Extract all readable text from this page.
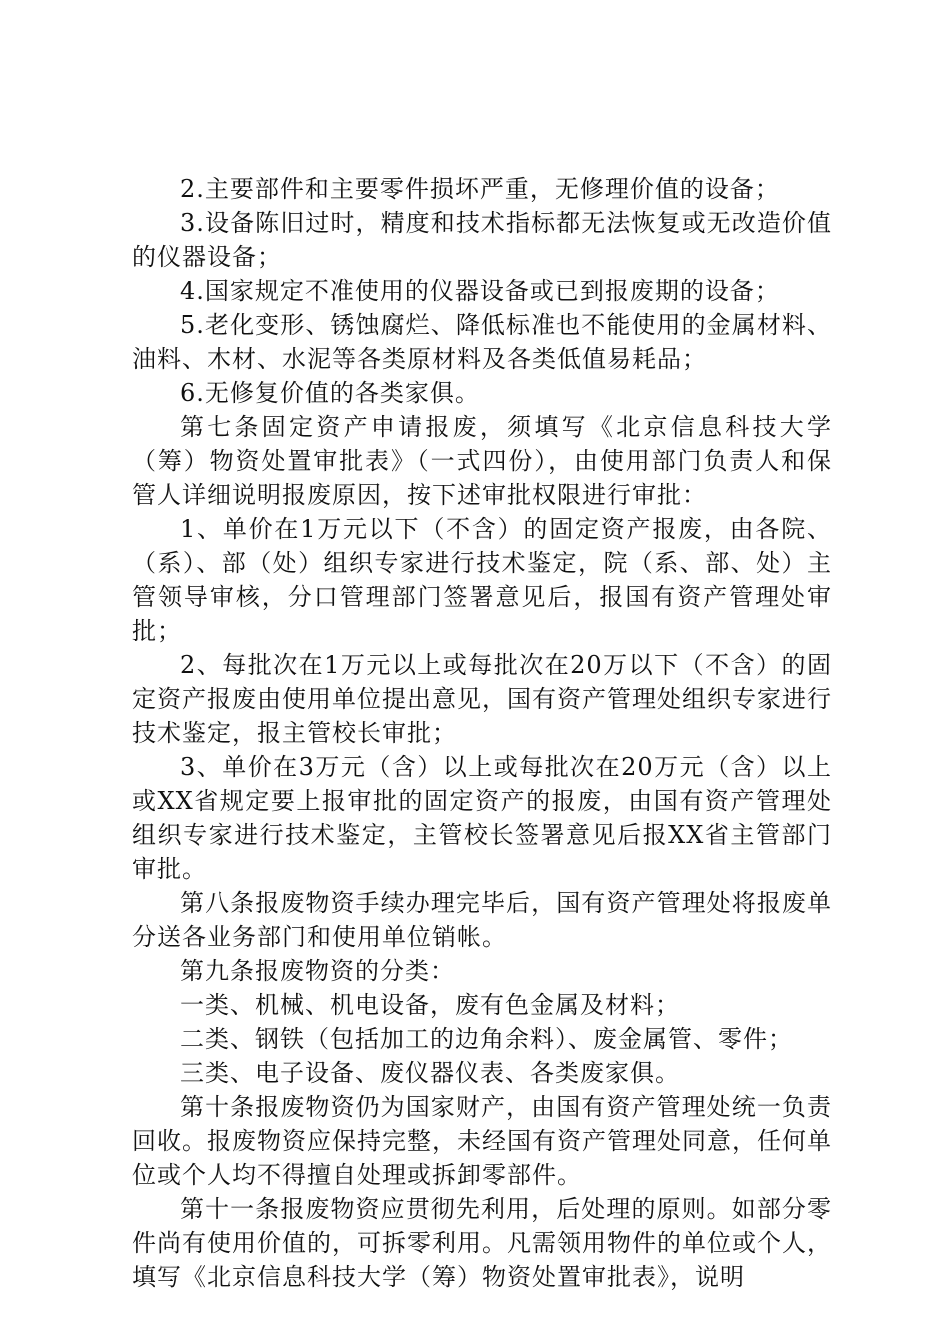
2.主要部件和主要零件损坏严重，无修理价值的设备；

3.设备陈旧过时，精度和技术指标都无法恢复或无改造价值的仪器设备；

4.国家规定不准使用的仪器设备或已到报废期的设备；

5.老化变形、锈蚀腐烂、降低标准也不能使用的金属材料、油料、木材、水泥等各类原材料及各类低值易耗品；

6.无修复价值的各类家俱。

第七条固定资产申请报废，须填写《北京信息科技大学（筹）物资处置审批表》（一式四份），由使用部门负责人和保管人详细说明报废原因，按下述审批权限进行审批：

1、单价在1万元以下（不含）的固定资产报废，由各院、（系）、部（处）组织专家进行技术鉴定，院（系、部、处）主管领导审核，分口管理部门签署意见后，报国有资产管理处审批；

2、每批次在1万元以上或每批次在20万以下（不含）的固定资产报废由使用单位提出意见，国有资产管理处组织专家进行技术鉴定，报主管校长审批；

3、单价在3万元（含）以上或每批次在20万元（含）以上或XX省规定要上报审批的固定资产的报废，由国有资产管理处组织专家进行技术鉴定，主管校长签署意见后报XX省主管部门审批。

第八条报废物资手续办理完毕后，国有资产管理处将报废单分送各业务部门和使用单位销帐。

第九条报废物资的分类：

一类、机械、机电设备，废有色金属及材料；

二类、钢铁（包括加工的边角余料）、废金属管、零件；

三类、电子设备、废仪器仪表、各类废家俱。

第十条报废物资仍为国家财产，由国有资产管理处统一负责回收。报废物资应保持完整，未经国有资产管理处同意，任何单位或个人均不得擅自处理或拆卸零部件。

第十一条报废物资应贯彻先利用，后处理的原则。如部分零件尚有使用价值的，可拆零利用。凡需领用物件的单位或个人，填写《北京信息科技大学（筹）物资处置审批表》，说明
